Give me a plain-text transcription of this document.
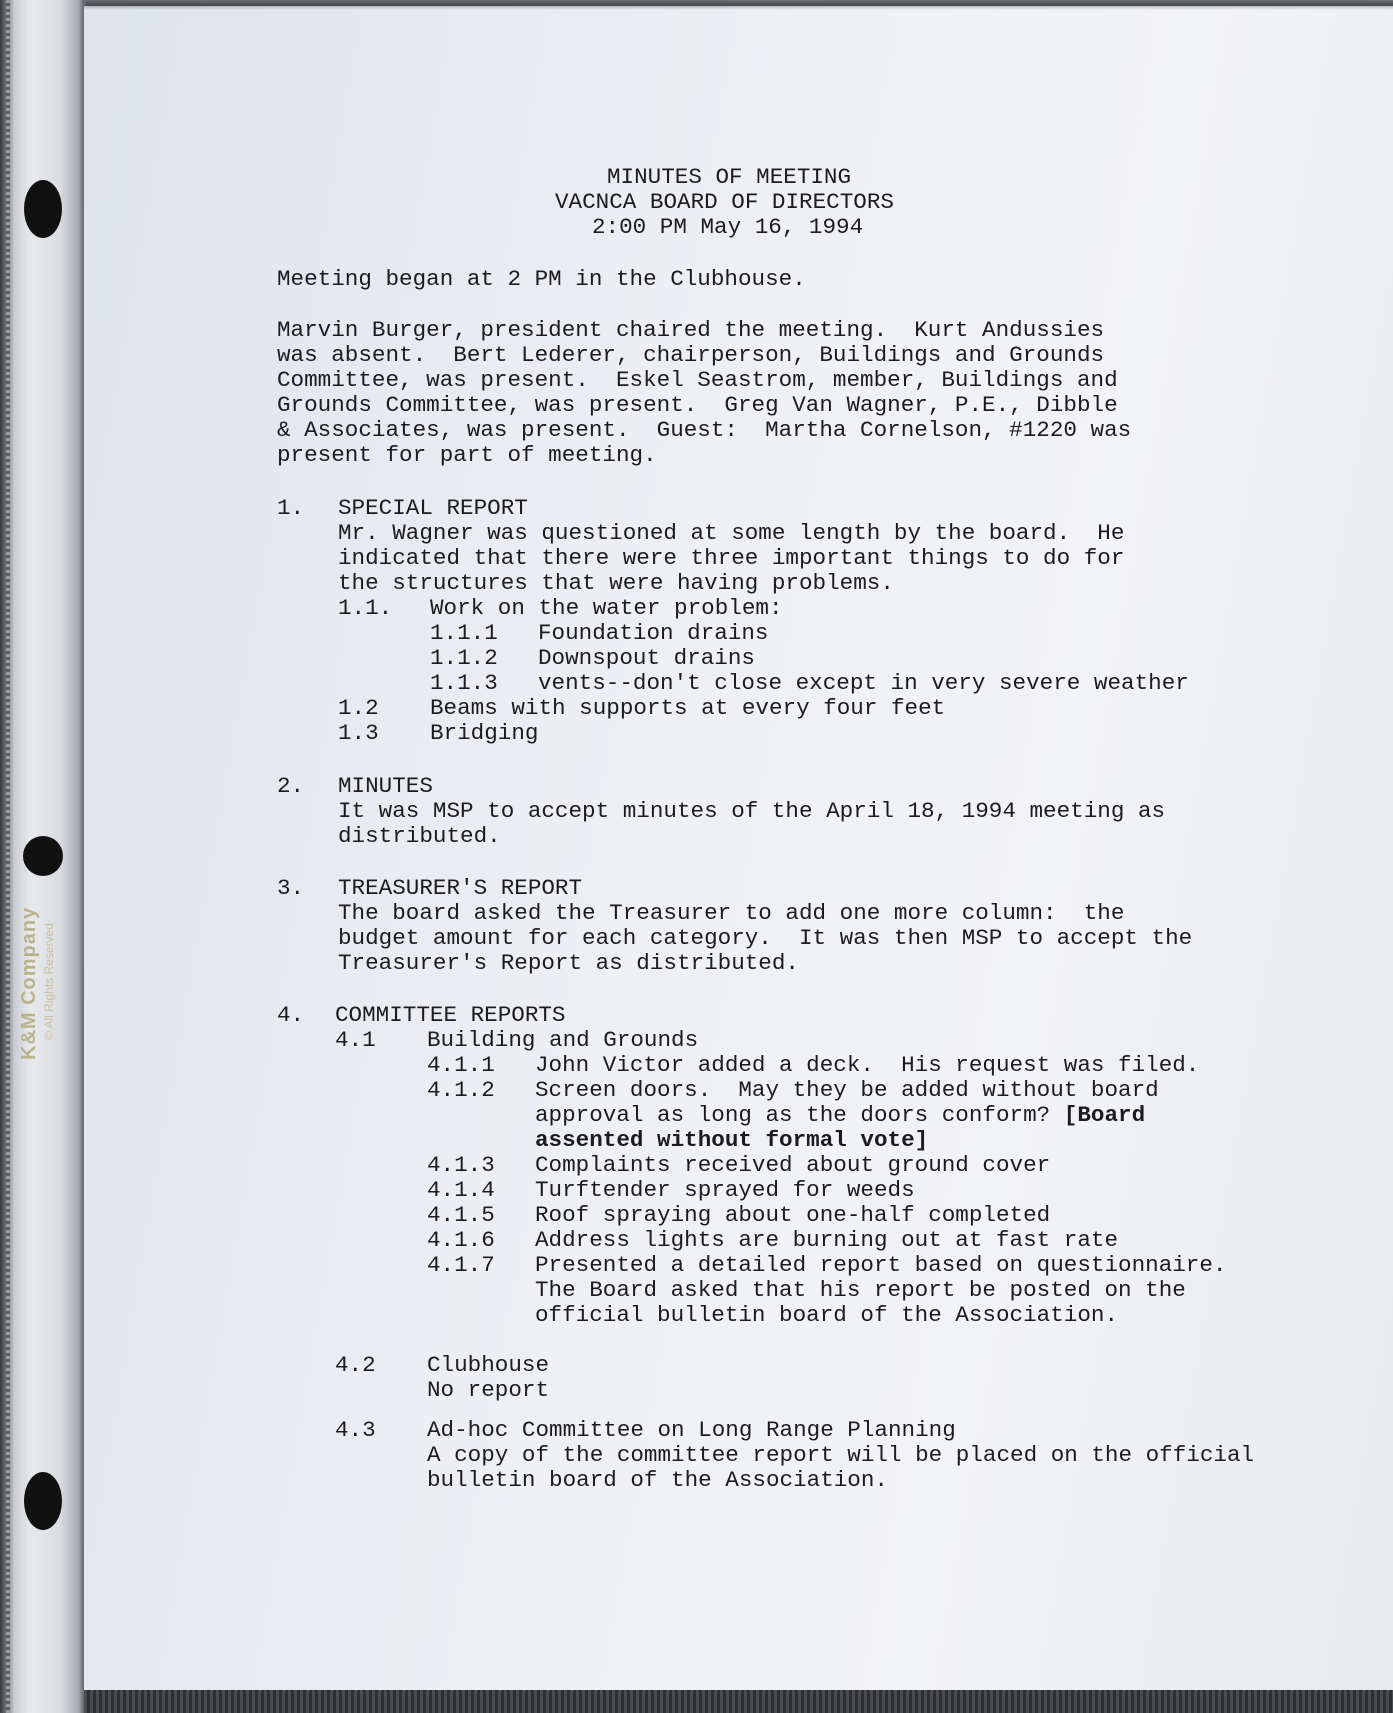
K&M Company © All Rights Reserved
MINUTES OF MEETING
VACNCA BOARD OF DIRECTORS
2:00 PM May 16, 1994
Meeting began at 2 PM in the Clubhouse.
Marvin Burger, president chaired the meeting.  Kurt Andussies
was absent.  Bert Lederer, chairperson, Buildings and Grounds
Committee, was present.  Eskel Seastrom, member, Buildings and
Grounds Committee, was present.  Greg Van Wagner, P.E., Dibble
& Associates, was present.  Guest:  Martha Cornelson, #1220 was
present for part of meeting.
1. SPECIAL REPORT
Mr. Wagner was questioned at some length by the board.  He
indicated that there were three important things to do for
the structures that were having problems.
1.1. Work on the water problem:
1.1.1 Foundation drains
1.1.2 Downspout drains
1.1.3 vents--don't close except in very severe weather
1.2 Beams with supports at every four feet
1.3 Bridging
2. MINUTES
It was MSP to accept minutes of the April 18, 1994 meeting as
distributed.
3. TREASURER'S REPORT
The board asked the Treasurer to add one more column:  the
budget amount for each category.  It was then MSP to accept the
Treasurer's Report as distributed.
4. COMMITTEE REPORTS
4.1 Building and Grounds
4.1.1 John Victor added a deck.  His request was filed.
4.1.2 Screen doors.  May they be added without board
approval as long as the doors conform? [Board
assented without formal vote]
4.1.3 Complaints received about ground cover
4.1.4 Turftender sprayed for weeds
4.1.5 Roof spraying about one-half completed
4.1.6 Address lights are burning out at fast rate
4.1.7 Presented a detailed report based on questionnaire.
The Board asked that his report be posted on the
official bulletin board of the Association.
4.2 Clubhouse
No report
4.3 Ad-hoc Committee on Long Range Planning
A copy of the committee report will be placed on the official
bulletin board of the Association.
